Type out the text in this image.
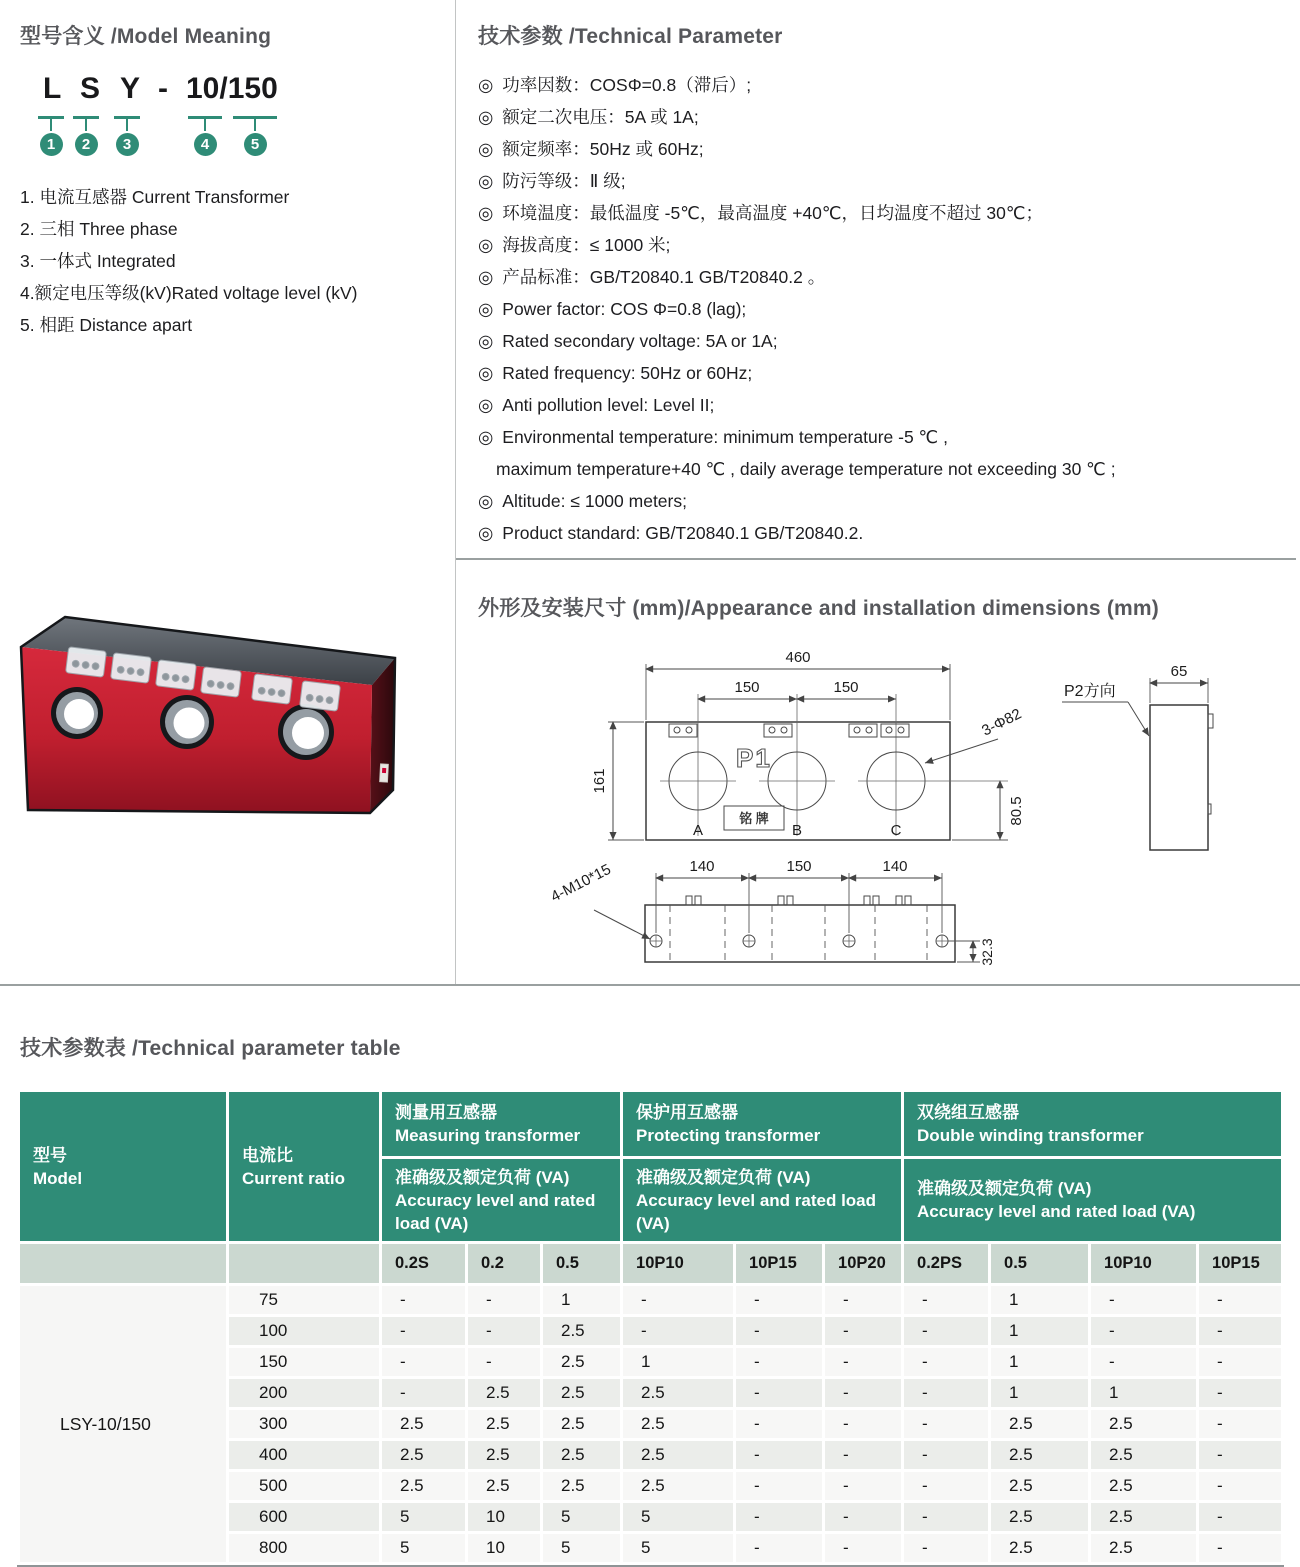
型号含义 /Model Meaning
L S Y - 10/150
1	2	3	4	5
1. 电流互感器 Current Transformer
2. 三相 Three phase
3. 一体式 Integrated
4.额定电压等级(kV)Rated voltage level (kV)
5. 相距 Distance apart
技术参数 /Technical Parameter
◎ 功率因数：COSΦ=0.8（滞后）;
◎ 额定二次电压：5A 或 1A;
◎ 额定频率：50Hz 或 60Hz;
◎ 防污等级：Ⅱ 级;
◎ 环境温度：最低温度 -5℃，最高温度 +40℃，日均温度不超过 30℃；
◎ 海拔高度：≤ 1000 米;
◎ 产品标准：GB/T20840.1 GB/T20840.2 。
◎ Power factor: COS Φ=0.8 (lag);
◎ Rated secondary voltage: 5A or 1A;
◎ Rated frequency: 50Hz or 60Hz;
◎ Anti pollution level: Level II;
◎ Environmental temperature: minimum temperature -5 ℃ ,
maximum temperature+40 ℃ , daily average temperature not exceeding 30 ℃ ;
◎ Altitude: ≤ 1000 meters;
◎ Product standard: GB/T20840.1 GB/T20840.2.
外形及安装尺寸 (mm)/Appearance and installation dimensions (mm)
460
150	150
161
80.5
3-Φ82
P1
铭 牌
A	B	C
65
P2方向
140	150	140
4-M10*15
32.3
技术参数表 /Technical parameter table
型号
Model

电流比
Current ratio

测量用互感器
Measuring transformer

保护用互感器
Protecting transformer

双绕组互感器
Double winding transformer

准确级及额定负荷 (VA)
Accuracy level and rated load (VA)

准确级及额定负荷 (VA)
Accuracy level and rated load (VA)

准确级及额定负荷 (VA)
Accuracy level and rated load (VA)

		0.2S	0.2	0.5	10P10	10P15	10P20	0.2PS	0.5	10P10	10P15
LSY-10/150	75	-	-	1	-	-	-	-	1	-	-
	100	-	-	2.5	-	-	-	-	1	-	-
	150	-	-	2.5	1	-	-	-	1	-	-
	200	-	2.5	2.5	2.5	-	-	-	1	1	-
	300	2.5	2.5	2.5	2.5	-	-	-	2.5	2.5	-
	400	2.5	2.5	2.5	2.5	-	-	-	2.5	2.5	-
	500	2.5	2.5	2.5	2.5	-	-	-	2.5	2.5	-
	600	5	10	5	5	-	-	-	2.5	2.5	-
	800	5	10	5	5	-	-	-	2.5	2.5	-
